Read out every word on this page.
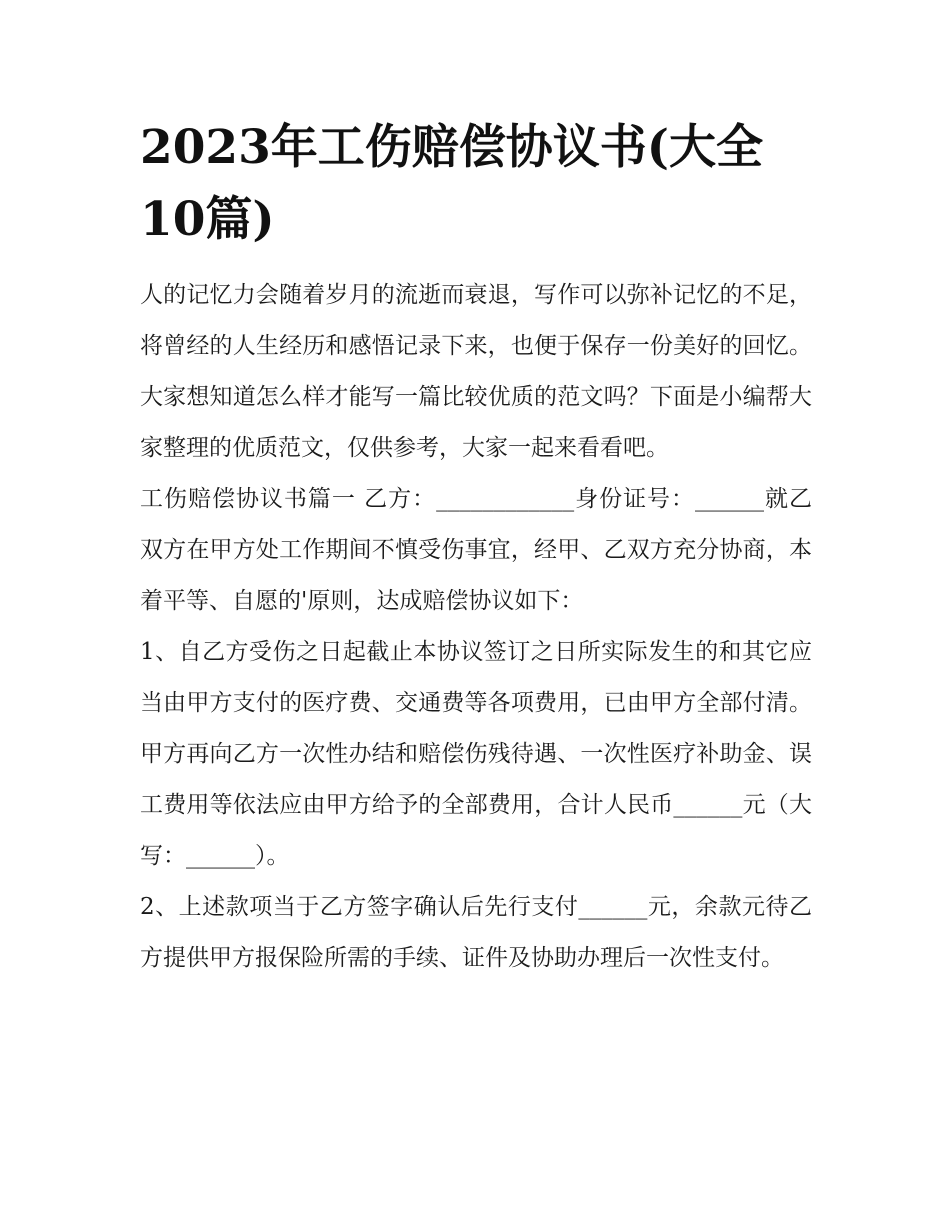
2023年工伤赔偿协议书(大全10篇)

人的记忆力会随着岁月的流逝而衰退，写作可以弥补记忆的不足，将曾经的人生经历和感悟记录下来，也便于保存一份美好的回忆。大家想知道怎么样才能写一篇比较优质的范文吗？下面是小编帮大家整理的优质范文，仅供参考，大家一起来看看吧。

工伤赔偿协议书篇一 乙方：____________身份证号：______就乙双方在甲方处工作期间不慎受伤事宜，经甲、乙双方充分协商，本着平等、自愿的'原则，达成赔偿协议如下：

1、自乙方受伤之日起截止本协议签订之日所实际发生的和其它应当由甲方支付的医疗费、交通费等各项费用，已由甲方全部付清。甲方再向乙方一次性办结和赔偿伤残待遇、一次性医疗补助金、误工费用等依法应由甲方给予的全部费用，合计人民币______元（大写：______）。

2、上述款项当于乙方签字确认后先行支付______元，余款元待乙方提供甲方报保险所需的手续、证件及协助办理后一次性支付。
